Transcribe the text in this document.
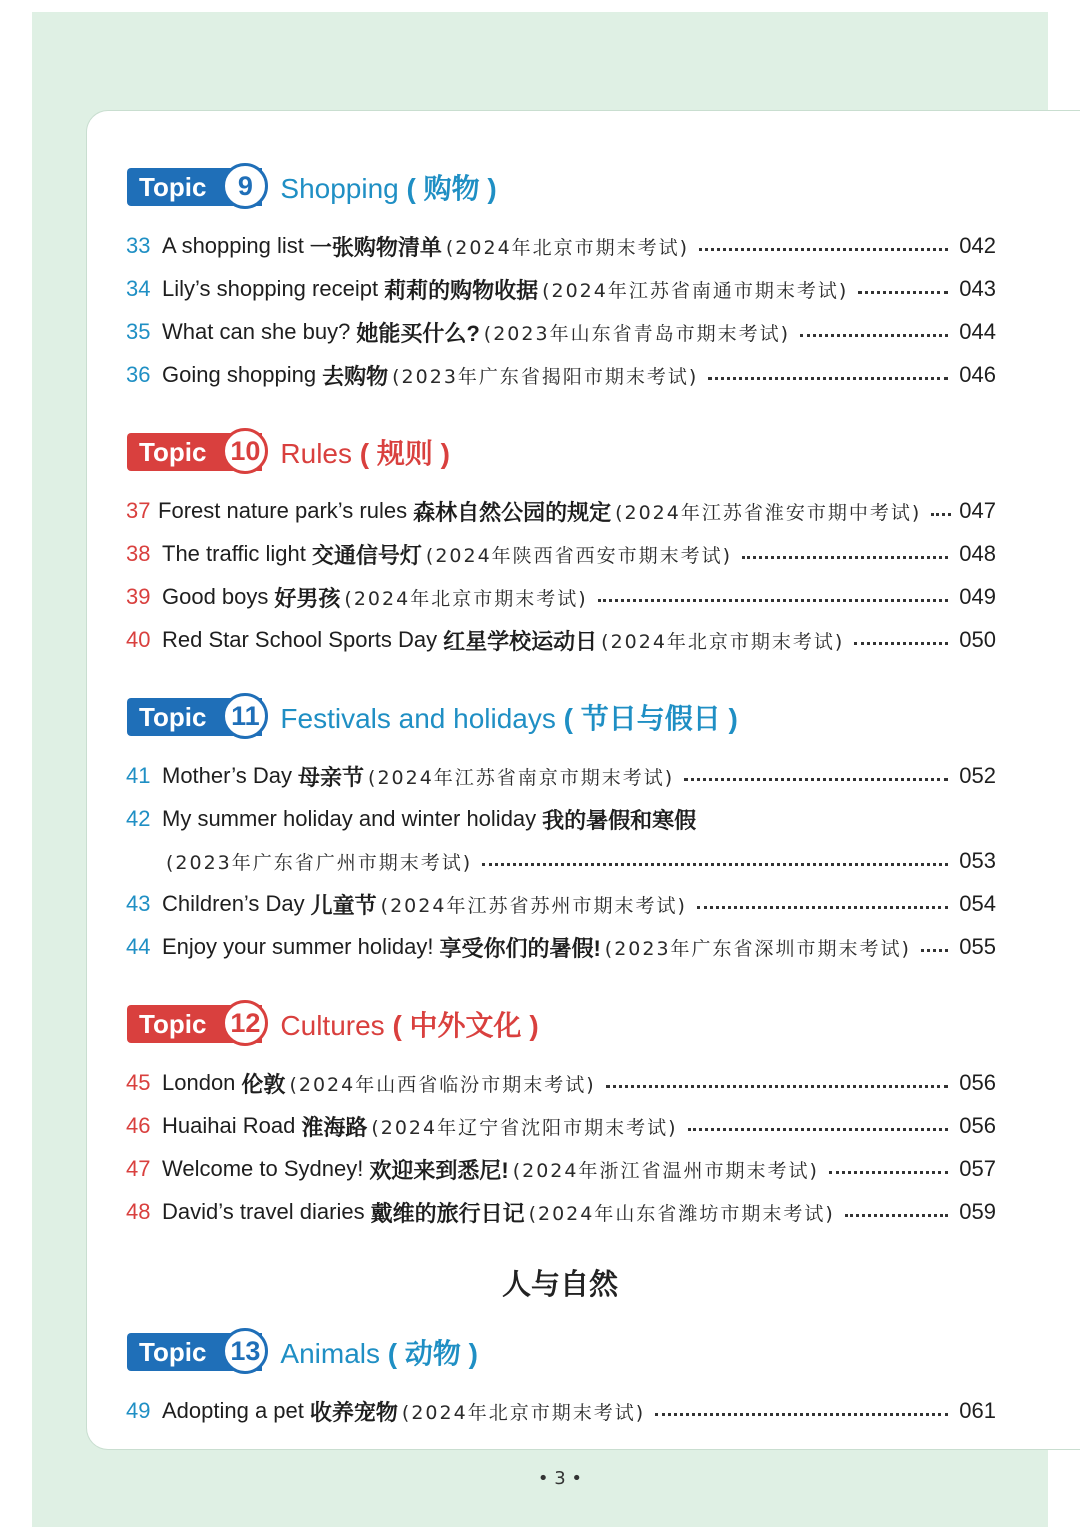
Topic	9 Shopping ( 购物 )
33 A shopping list 一张购物清单 (2024年北京市期末考试)	042
34 Lily’s shopping receipt 莉莉的购物收据 (2024年江苏省南通市期末考试)	043
35 What can she buy? 她能买什么? (2023年山东省青岛市期末考试)	044
36 Going shopping 去购物 (2023年广东省揭阳市期末考试)	046
Topic 10 Rules ( 规则 )
37 Forest nature park’s rules 森林自然公园的规定 (2024年江苏省淮安市期中考试) 047
38 The traffic light 交通信号灯 (2024年陕西省西安市期末考试)	048
39 Good boys 好男孩 (2024年北京市期末考试)	049
40 Red Star School Sports Day 红星学校运动日 (2024年北京市期末考试)	050
Topic 11 Festivals and holidays ( 节日与假日 )
41 Mother’s Day 母亲节 (2024年江苏省南京市期末考试)	052
42 My summer holiday and winter holiday 我的暑假和寒假
(2023年广东省广州市期末考试)	053
43 Children’s Day 儿童节 (2024年江苏省苏州市期末考试)	054
44 Enjoy your summer holiday! 享受你们的暑假! (2023年广东省深圳市期末考试) 055
Topic 12 Cultures ( 中外文化 )
45 London 伦敦 (2024年山西省临汾市期末考试)	056
46 Huaihai Road 淮海路 (2024年辽宁省沈阳市期末考试)	056
47 Welcome to Sydney! 欢迎来到悉尼! (2024年浙江省温州市期末考试)	057
48 David’s travel diaries 戴维的旅行日记 (2024年山东省潍坊市期末考试)	059
Topic 13 Animals ( 动物 )
49 Adopting a pet 收养宠物 (2024年北京市期末考试)	061
人与自然
• 3 •
